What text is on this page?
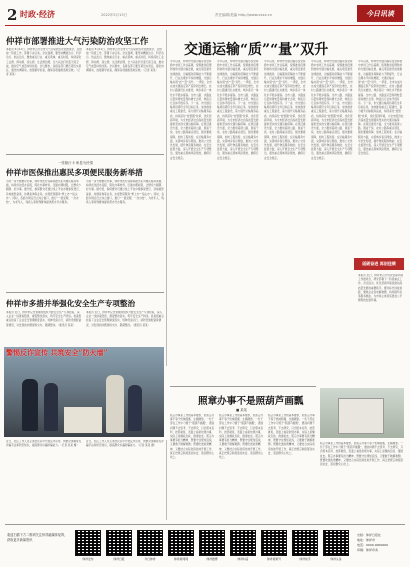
2 时政·经济	2022年5月13日	责任编辑/美编 http://www.xxxx.cn	今日讯谈
仲祥市部署推进大气污染防治攻坚工作
本报讯 5月11日，仲祥市召开全市大气污染防治攻坚推进会，总结前一阶段工作，部署下步任务。会议强调，要坚持精准治污、科学治污、依法治污，聚焦重点行业、重点领域、重点时段，持续深化工业源、移动源、扬尘源、生活源治理，全力以赴打好蓝天保卫战，推动空气质量持续改善。会议要求，各级各部门要压紧压实责任，强化协调联动，加强督导检查，确保各项措施落地见效。（记者 某某）
本报讯 5月11日，仲祥市召开全市大气污染防治攻坚推进会，总结前一阶段工作，部署下步任务。会议强调，要坚持精准治污、科学治污、依法治污，聚焦重点行业、重点领域、重点时段，持续深化工业源、移动源、扬尘源、生活源治理，全力以赴打好蓝天保卫战，推动空气质量持续改善。会议要求，各级各部门要压紧压实责任，强化协调联动，加强督导检查，确保各项措施落地见效。（记者 某某）
一张辖行卡 彰显为民情
仲祥市医保推出惠民多项便民服务新举措
为进一步方便群众办事，仲祥市医疗保障局推出系列便民服务举措，持续优化经办流程，简化办事材料，压缩办理时限，让群众少跑腿、好办事。据介绍，参保群众可通过线上平台办理参保登记、异地就医备案、待遇查询等业务，实现医保服务“掌上办”“指尖办”。同时，各经办网点设立综合窗口，推行“一窗受理、一次办结”，为老年人、残疾人等特殊群体提供帮办代办服务。
为进一步方便群众办事，仲祥市医疗保障局推出系列便民服务举措，持续优化经办流程，简化办事材料，压缩办理时限，让群众少跑腿、好办事。据介绍，参保群众可通过线上平台办理参保登记、异地就医备案、待遇查询等业务，实现医保服务“掌上办”“指尖办”。同时，各经办网点设立综合窗口，推行“一窗受理、一次办结”，为老年人、残疾人等特殊群体提供帮办代办服务。
仲祥市多措并举强化安全生产专项整治
本报讯 近日，仲祥市应急管理局组织开展安全生产专项检查，深入企业一线排查隐患，督促整改落实，筑牢安全生产防线。检查组重点检查了企业安全管理制度落实、特种设备运行、消防设施配备等情况，对发现的问题现场交办、限期整改。（通讯员 某某）
本报讯 近日，仲祥市应急管理局组织开展安全生产专项检查，深入企业一线排查隐患，督促整改落实，筑牢安全生产防线。检查组重点检查了企业安全管理制度落实、特种设备运行、消防设施配备等情况，对发现的问题现场交办、限期整改。（通讯员 某某）
警惕反诈宣传 共筑安全“防火墙”
近日，社区工作人员走进居民家中开展反诈宣传，向群众讲解常见诈骗手法和防范知识，提高群众识骗防骗能力。（记者 某某 摄）
近日，社区工作人员走进居民家中开展反诈宣传，向群众讲解常见诈骗手法和防范知识，提高群众识骗防骗能力。（记者 某某 摄）
交通运输“质”“量”双升
今年以来，仲祥市交通运输系统坚持稳中求进工作总基调，统筹推进疫情防控和交通运输发展，重点项目建设加速推进，运输服务保障能力不断提升，行业治理水平持续增强，交通运输实现“质”“量”双升。一季度，全市完成交通固定资产投资同比增长，农村公路建设扎实推进，城乡客运一体化水平稳步提高。全市公路、水路货运量和周转量保持增长态势，物流运行总体平稳有序。下一步，市交通运输局将紧盯全年目标任务，加快推进重点工程建设，着力提升运输服务品质，持续深化“放管服”改革，优化营商环境，为全市经济社会高质量发展提供坚实的交通运输保障。在项目建设方面，全力推进高速公路、国省干线、农村公路等重点项目，强化要素保障，加快工程进度；在运输服务方面，完善城乡客运网络，推进公交优先发展，提升物流服务效能；在安全监管方面，深入开展安全生产专项整治，强化重点领域风险管控，确保行业安全稳定。
今年以来，仲祥市交通运输系统坚持稳中求进工作总基调，统筹推进疫情防控和交通运输发展，重点项目建设加速推进，运输服务保障能力不断提升，行业治理水平持续增强，交通运输实现“质”“量”双升。一季度，全市完成交通固定资产投资同比增长，农村公路建设扎实推进，城乡客运一体化水平稳步提高。全市公路、水路货运量和周转量保持增长态势，物流运行总体平稳有序。下一步，市交通运输局将紧盯全年目标任务，加快推进重点工程建设，着力提升运输服务品质，持续深化“放管服”改革，优化营商环境，为全市经济社会高质量发展提供坚实的交通运输保障。在项目建设方面，全力推进高速公路、国省干线、农村公路等重点项目，强化要素保障，加快工程进度；在运输服务方面，完善城乡客运网络，推进公交优先发展，提升物流服务效能；在安全监管方面，深入开展安全生产专项整治，强化重点领域风险管控，确保行业安全稳定。
今年以来，仲祥市交通运输系统坚持稳中求进工作总基调，统筹推进疫情防控和交通运输发展，重点项目建设加速推进，运输服务保障能力不断提升，行业治理水平持续增强，交通运输实现“质”“量”双升。一季度，全市完成交通固定资产投资同比增长，农村公路建设扎实推进，城乡客运一体化水平稳步提高。全市公路、水路货运量和周转量保持增长态势，物流运行总体平稳有序。下一步，市交通运输局将紧盯全年目标任务，加快推进重点工程建设，着力提升运输服务品质，持续深化“放管服”改革，优化营商环境，为全市经济社会高质量发展提供坚实的交通运输保障。在项目建设方面，全力推进高速公路、国省干线、农村公路等重点项目，强化要素保障，加快工程进度；在运输服务方面，完善城乡客运网络，推进公交优先发展，提升物流服务效能；在安全监管方面，深入开展安全生产专项整治，强化重点领域风险管控，确保行业安全稳定。
今年以来，仲祥市交通运输系统坚持稳中求进工作总基调，统筹推进疫情防控和交通运输发展，重点项目建设加速推进，运输服务保障能力不断提升，行业治理水平持续增强，交通运输实现“质”“量”双升。一季度，全市完成交通固定资产投资同比增长，农村公路建设扎实推进，城乡客运一体化水平稳步提高。全市公路、水路货运量和周转量保持增长态势，物流运行总体平稳有序。下一步，市交通运输局将紧盯全年目标任务，加快推进重点工程建设，着力提升运输服务品质，持续深化“放管服”改革，优化营商环境，为全市经济社会高质量发展提供坚实的交通运输保障。在项目建设方面，全力推进高速公路、国省干线、农村公路等重点项目，强化要素保障，加快工程进度；在运输服务方面，完善城乡客运网络，推进公交优先发展，提升物流服务效能；在安全监管方面，深入开展安全生产专项整治，强化重点领域风险管控，确保行业安全稳定。
今年以来，仲祥市交通运输系统坚持稳中求进工作总基调，统筹推进疫情防控和交通运输发展，重点项目建设加速推进，运输服务保障能力不断提升，行业治理水平持续增强，交通运输实现“质”“量”双升。一季度，全市完成交通固定资产投资同比增长，农村公路建设扎实推进，城乡客运一体化水平稳步提高。全市公路、水路货运量和周转量保持增长态势，物流运行总体平稳有序。下一步，市交通运输局将紧盯全年目标任务，加快推进重点工程建设，着力提升运输服务品质，持续深化“放管服”改革，优化营商环境，为全市经济社会高质量发展提供坚实的交通运输保障。在项目建设方面，全力推进高速公路、国省干线、农村公路等重点项目，强化要素保障，加快工程进度；在运输服务方面，完善城乡客运网络，推进公交优先发展，提升物流服务效能；在安全监管方面，深入开展安全生产专项整治，强化重点领域风险管控，确保行业安全稳定。
砥砺奋进 再创佳绩
本报讯 近日，仲祥市召开优化营商环境工作推进会，研究部署下一阶段重点工作。会议指出，优化营商环境是推动高质量发展的重要抓手，要对标先进找差距，聚焦企业需求解难题，持续提升政务服务效能，为市场主体营造更加公平便利的发展环境。
照章办事不是照葫芦画瓢
■ 某某
照章办事是工作的基本要求，但照章办事不等于机械照搬、生搬硬套。一些干部在工作中习惯于“照葫芦画瓢”，遇到问题不去思考、不去研究，只会照本宣科、按部就班，表面上看是依规办事，实际上是懒政怠政、推诿扯皮。照章办事要有担当精神，既要守住规矩底线，又要敢于破解难题；既要吃透政策精神，又要结合实际创造性地开展工作，真正把规章制度落到实处、落到群众心坎上。
照章办事是工作的基本要求，但照章办事不等于机械照搬、生搬硬套。一些干部在工作中习惯于“照葫芦画瓢”，遇到问题不去思考、不去研究，只会照本宣科、按部就班，表面上看是依规办事，实际上是懒政怠政、推诿扯皮。照章办事要有担当精神，既要守住规矩底线，又要敢于破解难题；既要吃透政策精神，又要结合实际创造性地开展工作，真正把规章制度落到实处、落到群众心坎上。
照章办事是工作的基本要求，但照章办事不等于机械照搬、生搬硬套。一些干部在工作中习惯于“照葫芦画瓢”，遇到问题不去思考、不去研究，只会照本宣科、按部就班，表面上看是依规办事，实际上是懒政怠政、推诿扯皮。照章办事要有担当精神，既要守住规矩底线，又要敢于破解难题；既要吃透政策精神，又要结合实际创造性地开展工作，真正把规章制度落到实处、落到群众心坎上。
照章办事是工作的基本要求，但照章办事不等于机械照搬、生搬硬套。一些干部在工作中习惯于“照葫芦画瓢”，遇到问题不去思考、不去研究，只会照本宣科、按部就班，表面上看是依规办事，实际上是懒政怠政、推诿扯皮。照章办事要有担当精神，既要守住规矩底线，又要敢于破解难题；既要吃透政策精神，又要结合实际创造性地开展工作，真正把规章制度落到实处、落到群众心坎上。
欢迎扫描下方二维码关注仲祥融媒体矩阵，获取更多新闻资讯
仲祥发布	仲祥日报	今日仲祥	仲祥新闻网	仲祥微博	仲祥抖音	仲祥视频号	仲祥快手	仲祥头条
出版：仲祥日报社
地址：仲祥市
电话：0000-0000000
印刷：仲祥印务
